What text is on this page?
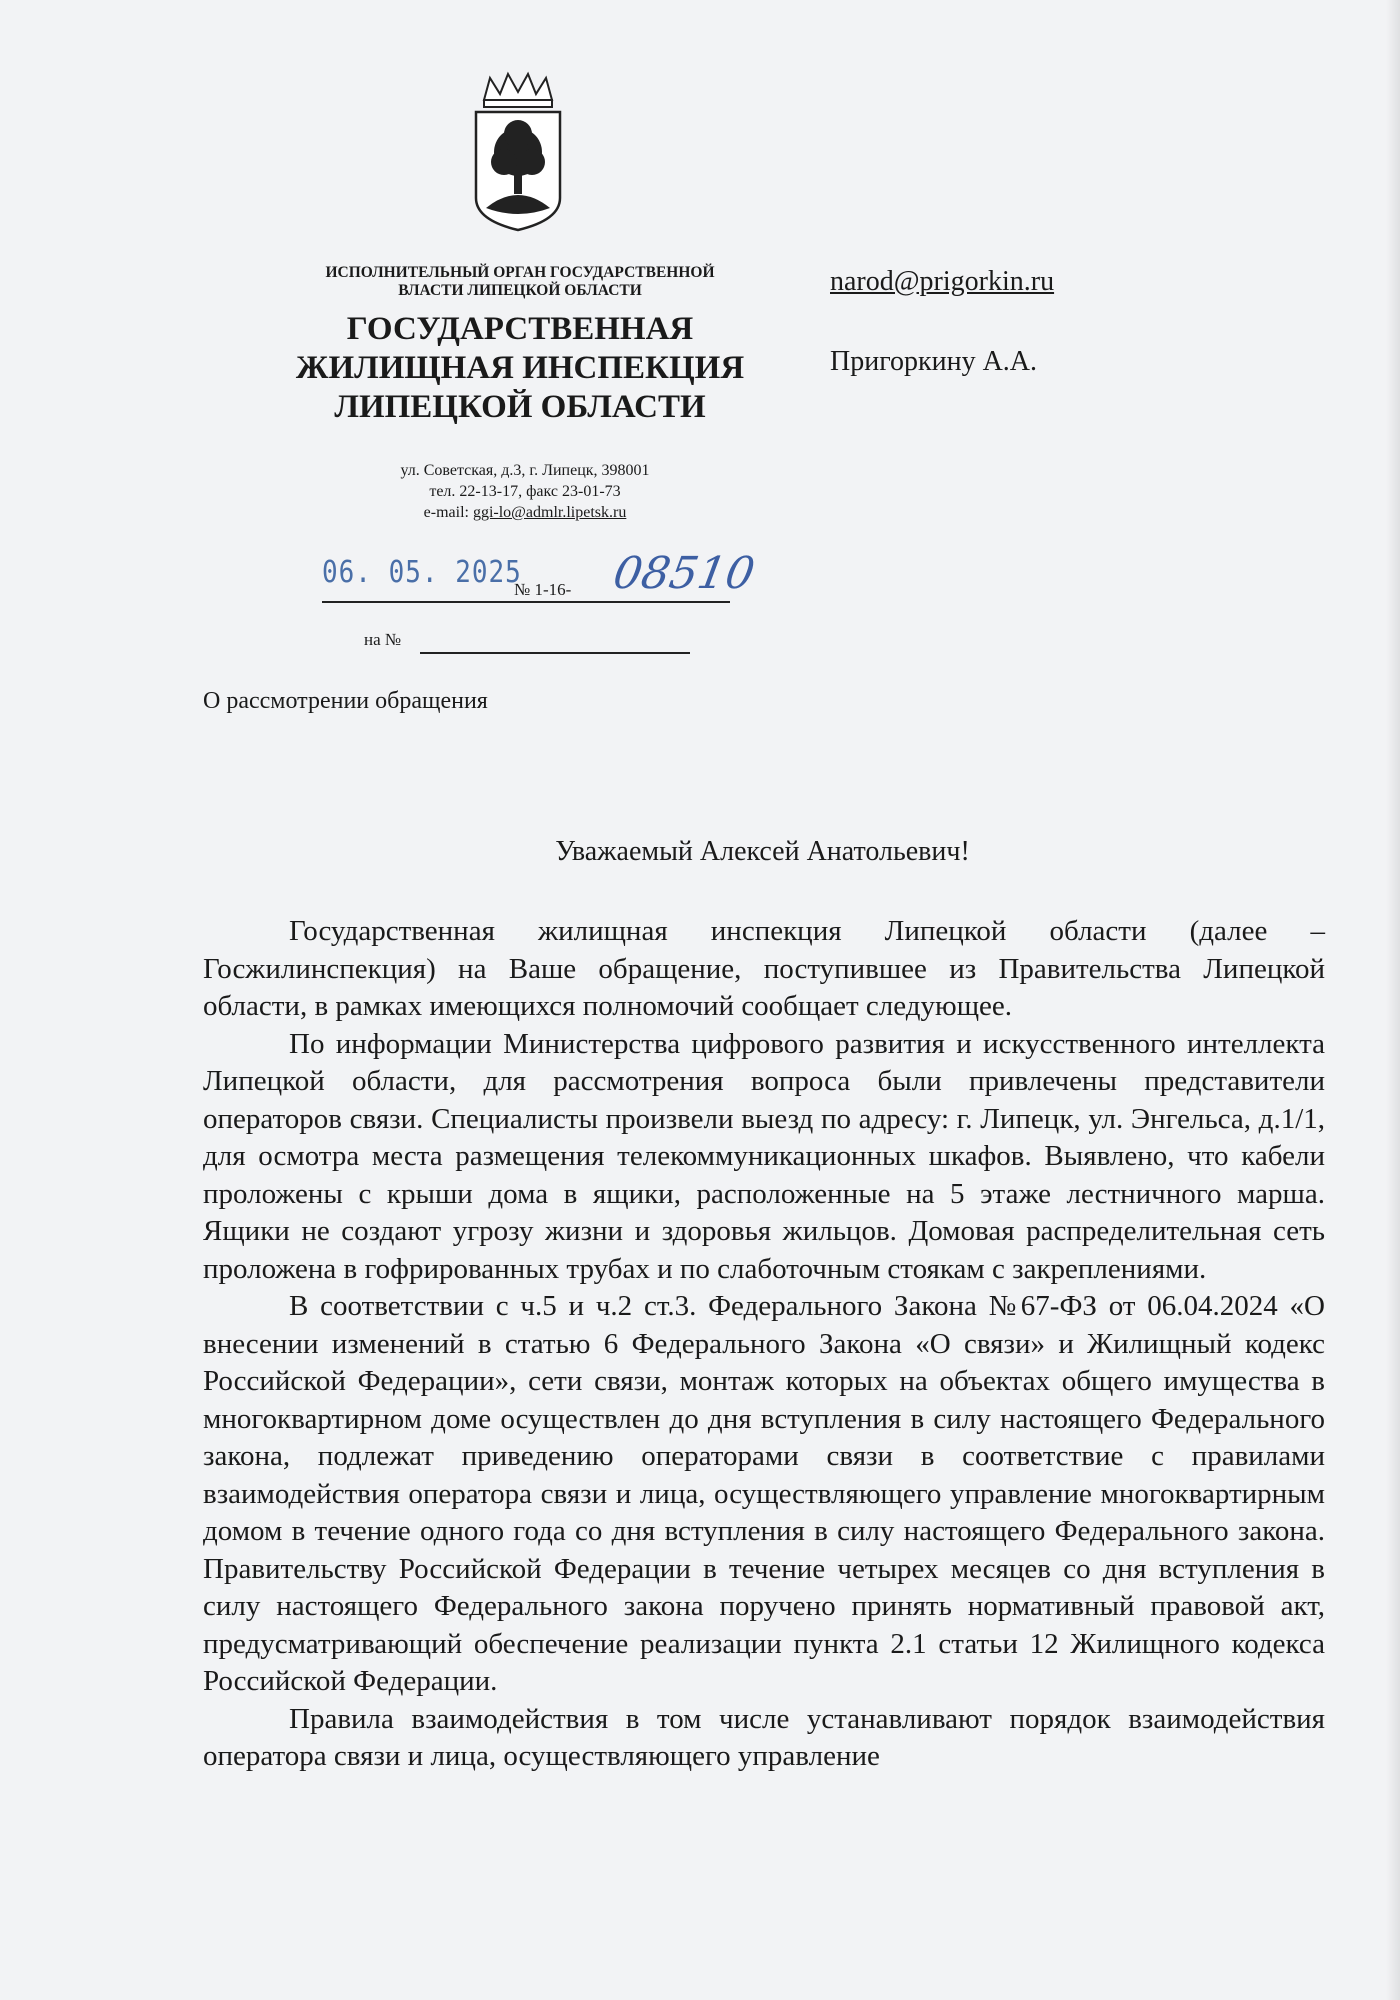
ИСПОЛНИТЕЛЬНЫЙ ОРГАН ГОСУДАРСТВЕННОЙ
ВЛАСТИ ЛИПЕЦКОЙ ОБЛАСТИ
ГОСУДАРСТВЕННАЯ
ЖИЛИЩНАЯ ИНСПЕКЦИЯ
ЛИПЕЦКОЙ ОБЛАСТИ
ул. Советская, д.3, г. Липецк, 398001
тел. 22-13-17, факс 23-01-73
e-mail: ggi-lo@admlr.lipetsk.ru
06. 05. 2025
№ 1-16- 08510
на №
narod@prigorkin.ru
Пригоркину А.А.
О рассмотрении обращения
Уважаемый Алексей Анатольевич!

Государственная жилищная инспекция Липецкой области (далее – Госжилинспекция) на Ваше обращение, поступившее из Правительства Липецкой области, в рамках имеющихся полномочий сообщает следующее.

По информации Министерства цифрового развития и искусственного интеллекта Липецкой области, для рассмотрения вопроса были привлечены представители операторов связи. Специалисты произвели выезд по адресу: г. Липецк, ул. Энгельса, д.1/1, для осмотра места размещения телекоммуникационных шкафов. Выявлено, что кабели проложены с крыши дома в ящики, расположенные на 5 этаже лестничного марша. Ящики не создают угрозу жизни и здоровья жильцов. Домовая распределительная сеть проложена в гофрированных трубах и по слаботочным стоякам с закреплениями.

В соответствии с ч.5 и ч.2 ст.3. Федерального Закона №67-ФЗ от 06.04.2024 «О внесении изменений в статью 6 Федерального Закона «О связи» и Жилищный кодекс Российской Федерации», сети связи, монтаж которых на объектах общего имущества в многоквартирном доме осуществлен до дня вступления в силу настоящего Федерального закона, подлежат приведению операторами связи в соответствие с правилами взаимодействия оператора связи и лица, осуществляющего управление многоквартирным домом в течение одного года со дня вступления в силу настоящего Федерального закона. Правительству Российской Федерации в течение четырех месяцев со дня вступления в силу настоящего Федерального закона поручено принять нормативный правовой акт, предусматривающий обеспечение реализации пункта 2.1 статьи 12 Жилищного кодекса Российской Федерации.

Правила взаимодействия в том числе устанавливают порядок взаимодействия оператора связи и лица, осуществляющего управление
